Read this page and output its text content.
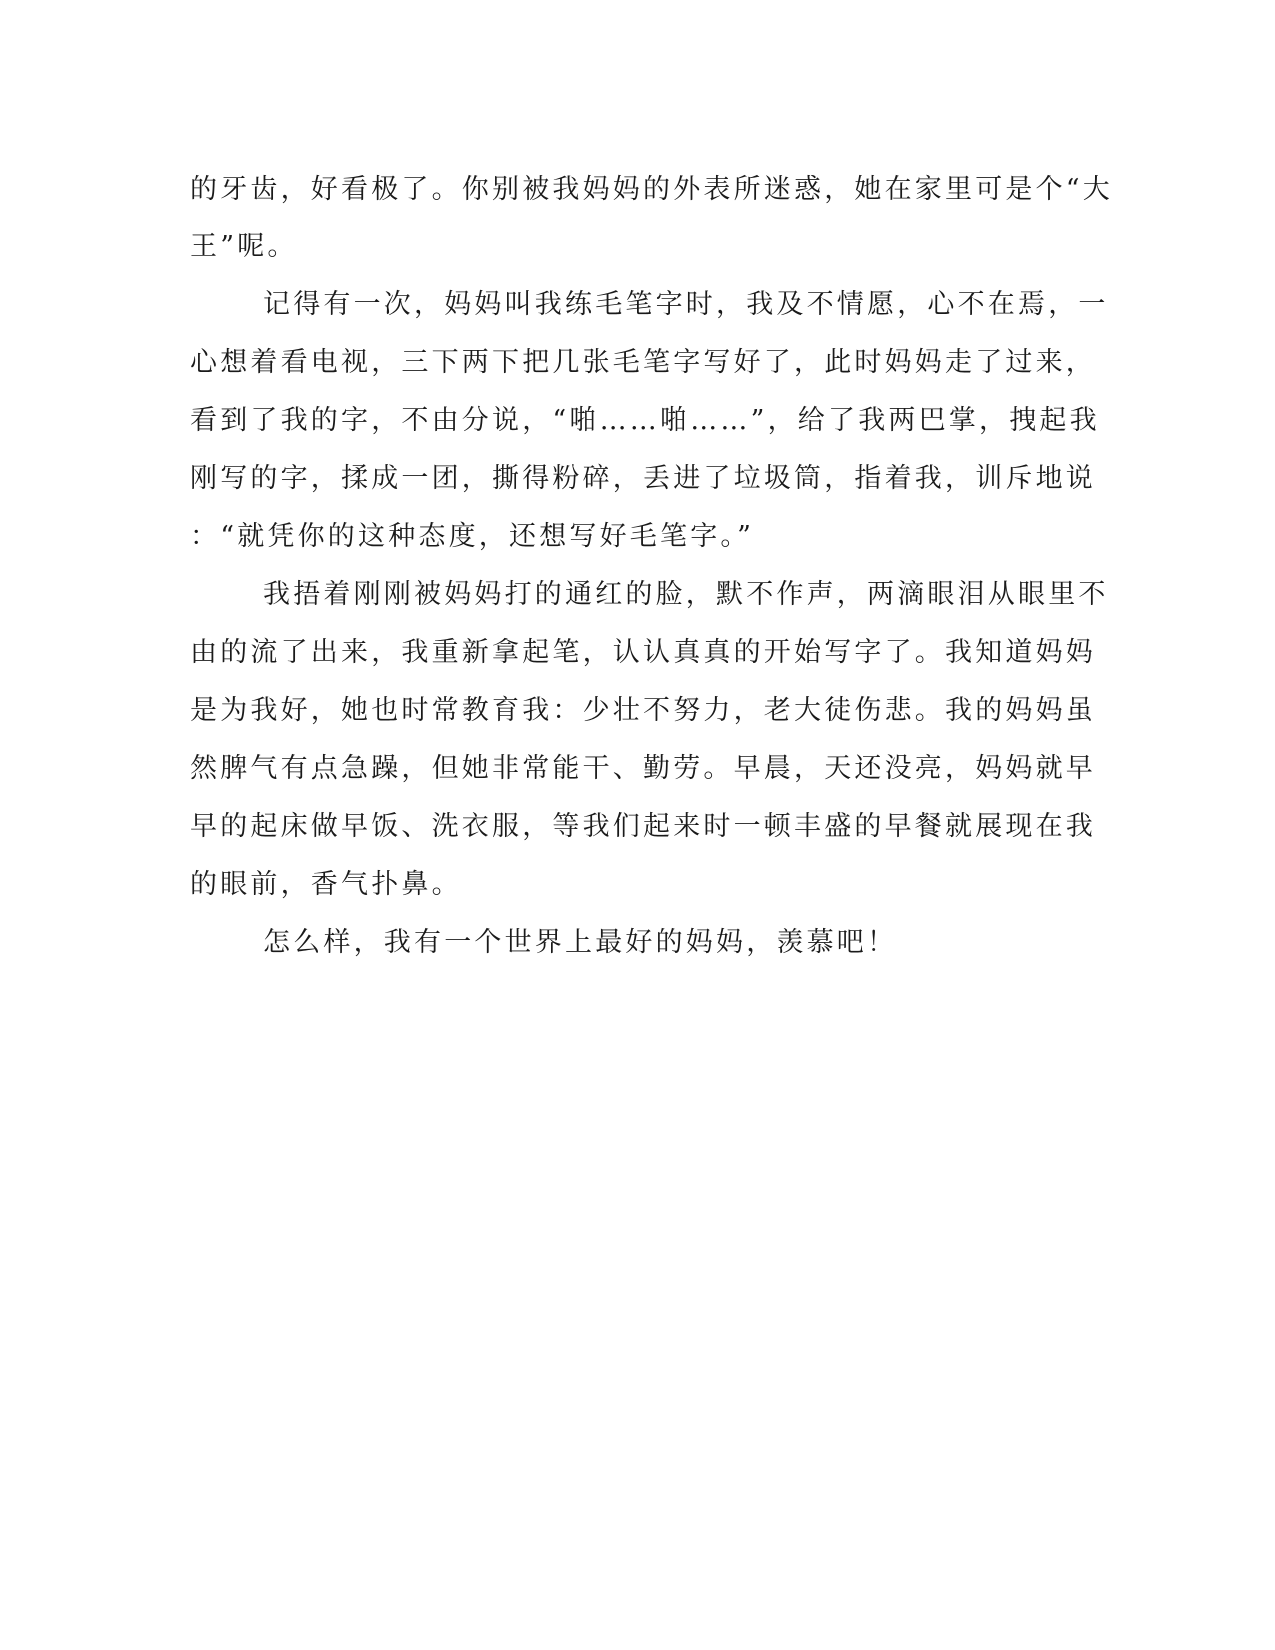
的牙齿，好看极了。你别被我妈妈的外表所迷惑，她在家里可是个“大
王”呢。
记得有一次，妈妈叫我练毛笔字时，我及不情愿，心不在焉，一
心想着看电视，三下两下把几张毛笔字写好了，此时妈妈走了过来，
看到了我的字，不由分说，“啪……啪……”，给了我两巴掌，拽起我
刚写的字，揉成一团，撕得粉碎，丢进了垃圾筒，指着我，训斥地说
：“就凭你的这种态度，还想写好毛笔字。”
我捂着刚刚被妈妈打的通红的脸，默不作声，两滴眼泪从眼里不
由的流了出来，我重新拿起笔，认认真真的开始写字了。我知道妈妈
是为我好，她也时常教育我：少壮不努力，老大徒伤悲。我的妈妈虽
然脾气有点急躁，但她非常能干、勤劳。早晨，天还没亮，妈妈就早
早的起床做早饭、洗衣服，等我们起来时一顿丰盛的早餐就展现在我
的眼前，香气扑鼻。
怎么样，我有一个世界上最好的妈妈，羡慕吧！
